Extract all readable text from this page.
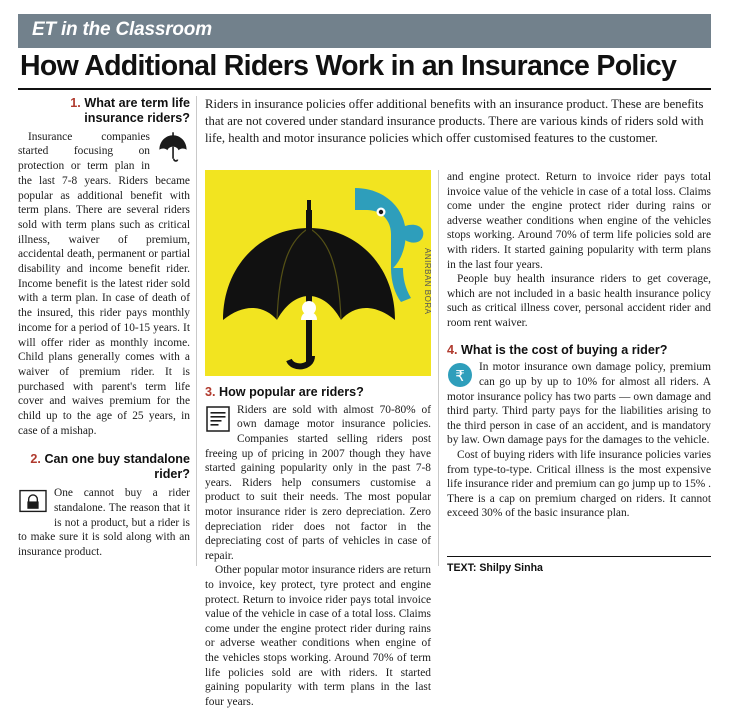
ET in the Classroom
How Additional Riders Work in an Insurance Policy
1. What are term life insurance riders?

Insurance companies started focusing on protection or term plan in the last 7-8 years. Riders became popular as additional benefit with term plans. There are several riders sold with term plans such as critical illness, waiver of premium, accidental death, permanent or partial disability and income benefit rider. Income benefit is the latest rider sold with a term plan. In case of death of the insured, this rider pays monthly income for a period of 10-15 years. It will offer rider as monthly income. Child plans generally comes with a waiver of premium rider. It is purchased with parent's term life cover and waives premium for the child up to the age of 25 years, in case of a mishap.

2. Can one buy standalone rider?

One cannot buy a rider standalone. The reason that it is not a product, but a rider is to make sure it is sold along with an insurance product.

Riders in insurance policies offer additional benefits with an insurance product. These are benefits that are not covered under standard insurance products. There are various kinds of riders sold with life, health and motor insurance policies which offer customised features to the customer.
ANIRBAN BORA
3. How popular are riders?

Riders are sold with almost 70-80% of own damage motor insurance policies. Companies started selling riders post freeing up of pricing in 2007 though they have started gaining popularity only in the past 7-8 years. Riders help consumers customise a product to suit their needs. The most popular motor insurance rider is zero depreciation. Zero depreciation rider does not factor in the depreciating cost of parts of vehicles in case of repair.

Other popular motor insurance riders are return to invoice, key protect, tyre protect and engine protect. Return to invoice rider pays total invoice value of the vehicle in case of a total loss. Claims come under the engine protect rider during rains or adverse weather conditions when engine of the vehicles stops working. Around 70% of term life policies sold are with riders. It started gaining popularity with term plans in the last four years.

and engine protect. Return to invoice rider pays total invoice value of the vehicle in case of a total loss. Claims come under the engine protect rider during rains or adverse weather conditions when engine of the vehicles stops working. Around 70% of term life policies sold are with riders. It started gaining popularity with term plans in the last four years.

People buy health insurance riders to get coverage, which are not included in a basic health insurance policy such as critical illness cover, personal accident rider and room rent waiver.

4. What is the cost of buying a rider?
₹

In motor insurance own damage policy, premium can go up by up to 10% for almost all riders. A motor insurance policy has two parts — own damage and third party. Third party pays for the liabilities arising to the third person in case of an accident, and is mandatory by law. Own damage pays for the damages to the vehicle.

Cost of buying riders with life insurance policies varies from type-to-type. Critical illness is the most expensive life insurance rider and premium can go jump up to 15% . There is a cap on premium charged on riders. It cannot exceed 30% of the basic insurance plan.

TEXT: Shilpy Sinha
